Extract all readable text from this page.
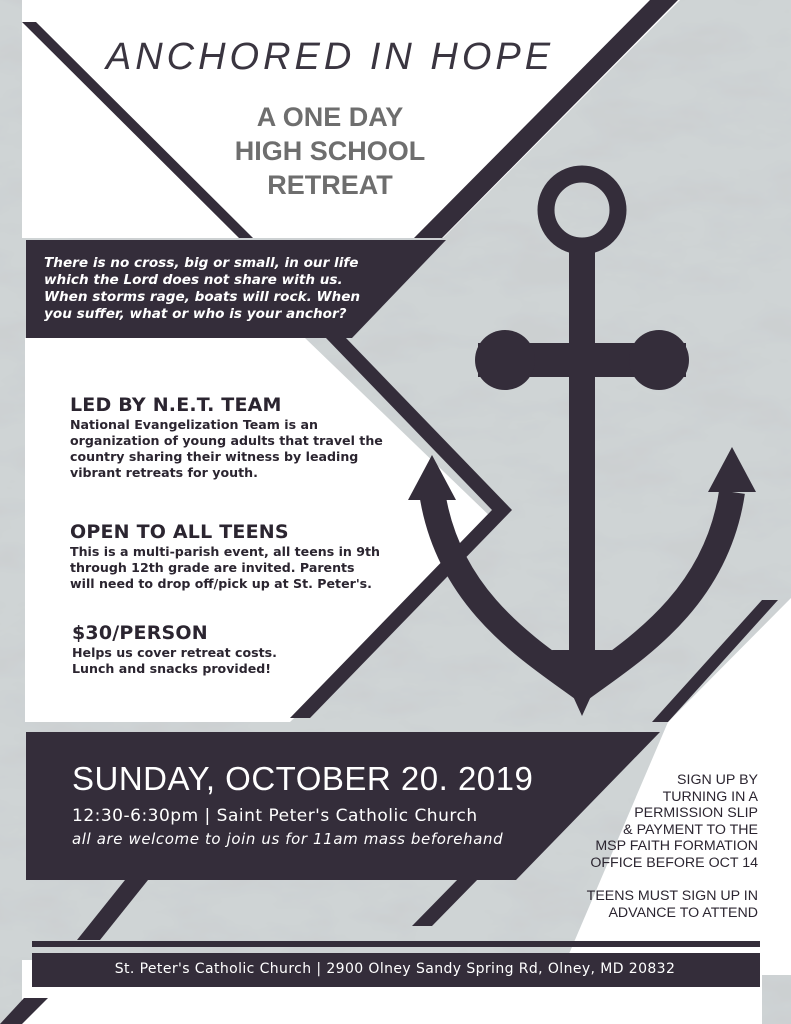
ANCHORED IN HOPE
A ONE DAY
HIGH SCHOOL
RETREAT
There is no cross, big or small, in our life
which the Lord does not share with us.
When storms rage, boats will rock. When
you suffer, what or who is your anchor?
LED BY N.E.T. TEAM
National Evangelization Team is an
organization of young adults that travel the
country sharing their witness by leading
vibrant retreats for youth.
OPEN TO ALL TEENS
This is a multi-parish event, all teens in 9th
through 12th grade are invited. Parents
will need to drop off/pick up at St. Peter's.
$30/PERSON
Helps us cover retreat costs.
Lunch and snacks provided!
SUNDAY, OCTOBER 20. 2019
12:30-6:30pm | Saint Peter's Catholic Church
all are welcome to join us for 11am mass beforehand
SIGN UP BY
TURNING IN A
PERMISSION SLIP
& PAYMENT TO THE
MSP FAITH FORMATION
OFFICE BEFORE OCT 14
TEENS MUST SIGN UP IN
ADVANCE TO ATTEND
St. Peter's Catholic Church | 2900 Olney Sandy Spring Rd, Olney, MD 20832
